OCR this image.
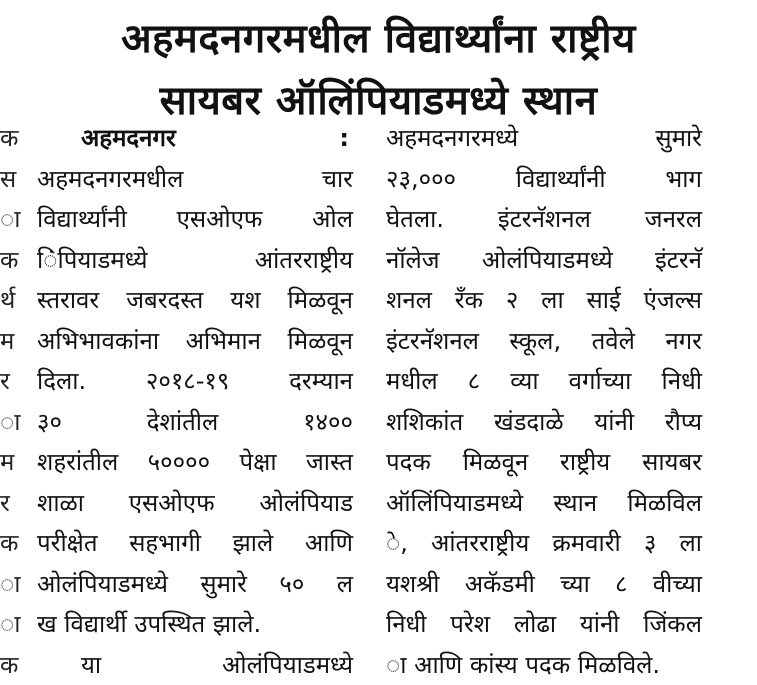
अहमदनगरमधील विद्यार्थ्यांना राष्ट्रीय
सायबर ऑलिंपियाडमध्ये स्थान
क
स
ा
क
र्थ
म
र
ा
म
र
क
ा
ा
क
अहमदनगर	:
अहमदनगरमधील चार
विद्यार्थ्यांनी एसओएफ ओल
िंपियाडमध्ये आंतरराष्ट्रीय
स्तरावर जबरदस्त यश मिळवून
अभिभावकांना अभिमान मिळवून
दिला. २०१८-१९ दरम्यान
३० देशांतील १४००
शहरांतील ५०००० पेक्षा जास्त
शाळा एसओएफ ओलंपियाड
परीक्षेत सहभागी झाले आणि
ओलंपियाडमध्ये सुमारे ५० ल
ख विद्यार्थी उपस्थित झाले.
या ओलंपियाडमध्ये
अहमदनगरमध्ये सुमारे
२३,००० विद्यार्थ्यांनी भाग
घेतला. इंटरनॅशनल जनरल
नॉलेज ओलंपियाडमध्ये इंटरनॅ
शनल रॅंक २ ला साई एंजल्स
इंटरनॅशनल स्कूल, तवेले नगर
मधील ८ व्या वर्गाच्या निधी
शशिकांत खंडदाळे यांनी रौप्य
पदक मिळवून राष्ट्रीय सायबर
ऑलिंपियाडमध्ये स्थान मिळविल
े, आंतरराष्ट्रीय क्रमवारी ३ ला
यशश्री अकॅडमी च्या ८ वीच्या
निधी परेश लोढा यांनी जिंकल
ा आणि कांस्य पदक मिळविले.
